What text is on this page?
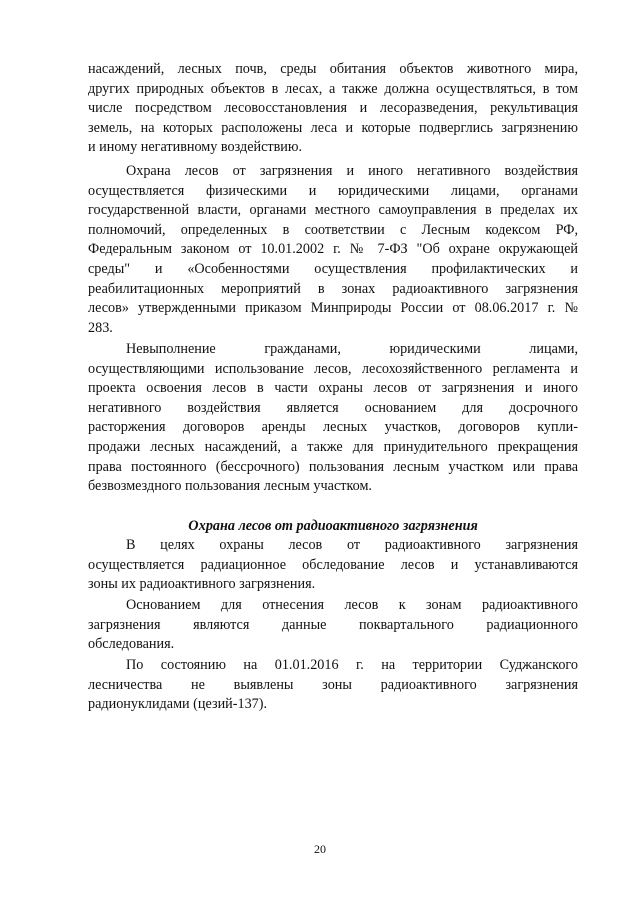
насаждений, лесных почв, среды обитания объектов животного мира,
других природных объектов в лесах, а также должна осуществляться, в том
числе посредством лесовосстановления и лесоразведения, рекультивация
земель, на которых расположены леса и которые подверглись загрязнению
и иному негативному воздействию.
Охрана лесов от загрязнения и иного негативного воздействия
осуществляется физическими и юридическими лицами, органами
государственной власти, органами местного самоуправления в пределах их
полномочий, определенных в соответствии с Лесным кодексом РФ,
Федеральным законом от 10.01.2002 г. № 7-ФЗ "Об охране окружающей
среды" и «Особенностями осуществления профилактических и
реабилитационных мероприятий в зонах радиоактивного загрязнения
лесов» утвержденными приказом Минприроды России от 08.06.2017 г. №
283.
Невыполнение гражданами, юридическими лицами,
осуществляющими использование лесов, лесохозяйственного регламента и
проекта освоения лесов в части охраны лесов от загрязнения и иного
негативного воздействия является основанием для досрочного
расторжения договоров аренды лесных участков, договоров купли-
продажи лесных насаждений, а также для принудительного прекращения
права постоянного (бессрочного) пользования лесным участком или права
безвозмездного пользования лесным участком.
Охрана лесов от радиоактивного загрязнения
В целях охраны лесов от радиоактивного загрязнения
осуществляется радиационное обследование лесов и устанавливаются
зоны их радиоактивного загрязнения.
Основанием для отнесения лесов к зонам радиоактивного
загрязнения являются данные поквартального радиационного
обследования.
По состоянию на 01.01.2016 г. на территории Суджанского
лесничества не выявлены зоны радиоактивного загрязнения
радионуклидами (цезий-137).
20
